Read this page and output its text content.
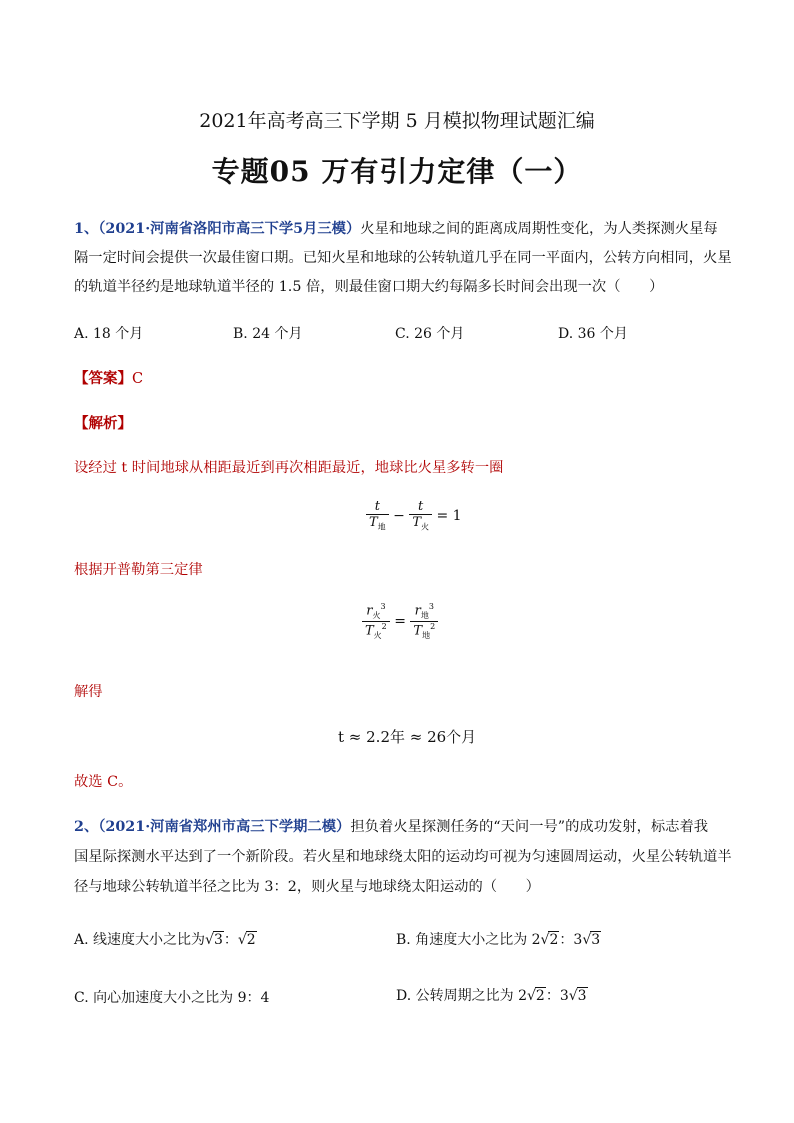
2021年高考高三下学期 5 月模拟物理试题汇编
专题05 万有引力定律（一）
1、（2021·河南省洛阳市高三下学5月三模）火星和地球之间的距离成周期性变化，为人类探测火星每
隔一定时间会提供一次最佳窗口期。已知火星和地球的公转轨道几乎在同一平面内，公转方向相同，火星
的轨道半径约是地球轨道半径的 1.5 倍，则最佳窗口期大约每隔多长时间会出现一次（　　）
A. 18 个月	B. 24 个月	C. 26 个月	D. 36 个月
【答案】C
【解析】
设经过 t 时间地球从相距最近到再次相距最近，地球比火星多转一圈
$\frac{t}{T_地} - \frac{t}{T_火} = 1$
根据开普勒第三定律
$\frac{r_火^3}{T_火^2} = \frac{r_地^3}{T_地^2}$
解得
t ≈ 2.2年 ≈ 26个月
故选 C。
2、（2021·河南省郑州市高三下学期二模）担负着火星探测任务的“天问一号”的成功发射，标志着我
国星际探测水平达到了一个新阶段。若火星和地球绕太阳的运动均可视为匀速圆周运动，火星公转轨道半
径与地球公转轨道半径之比为 3：2，则火星与地球绕太阳运动的（　　）
A. 线速度大小之比为√3：√2	B. 角速度大小之比为 2√2：3√3
C. 向心加速度大小之比为 9：4	D. 公转周期之比为 2√2：3√3
